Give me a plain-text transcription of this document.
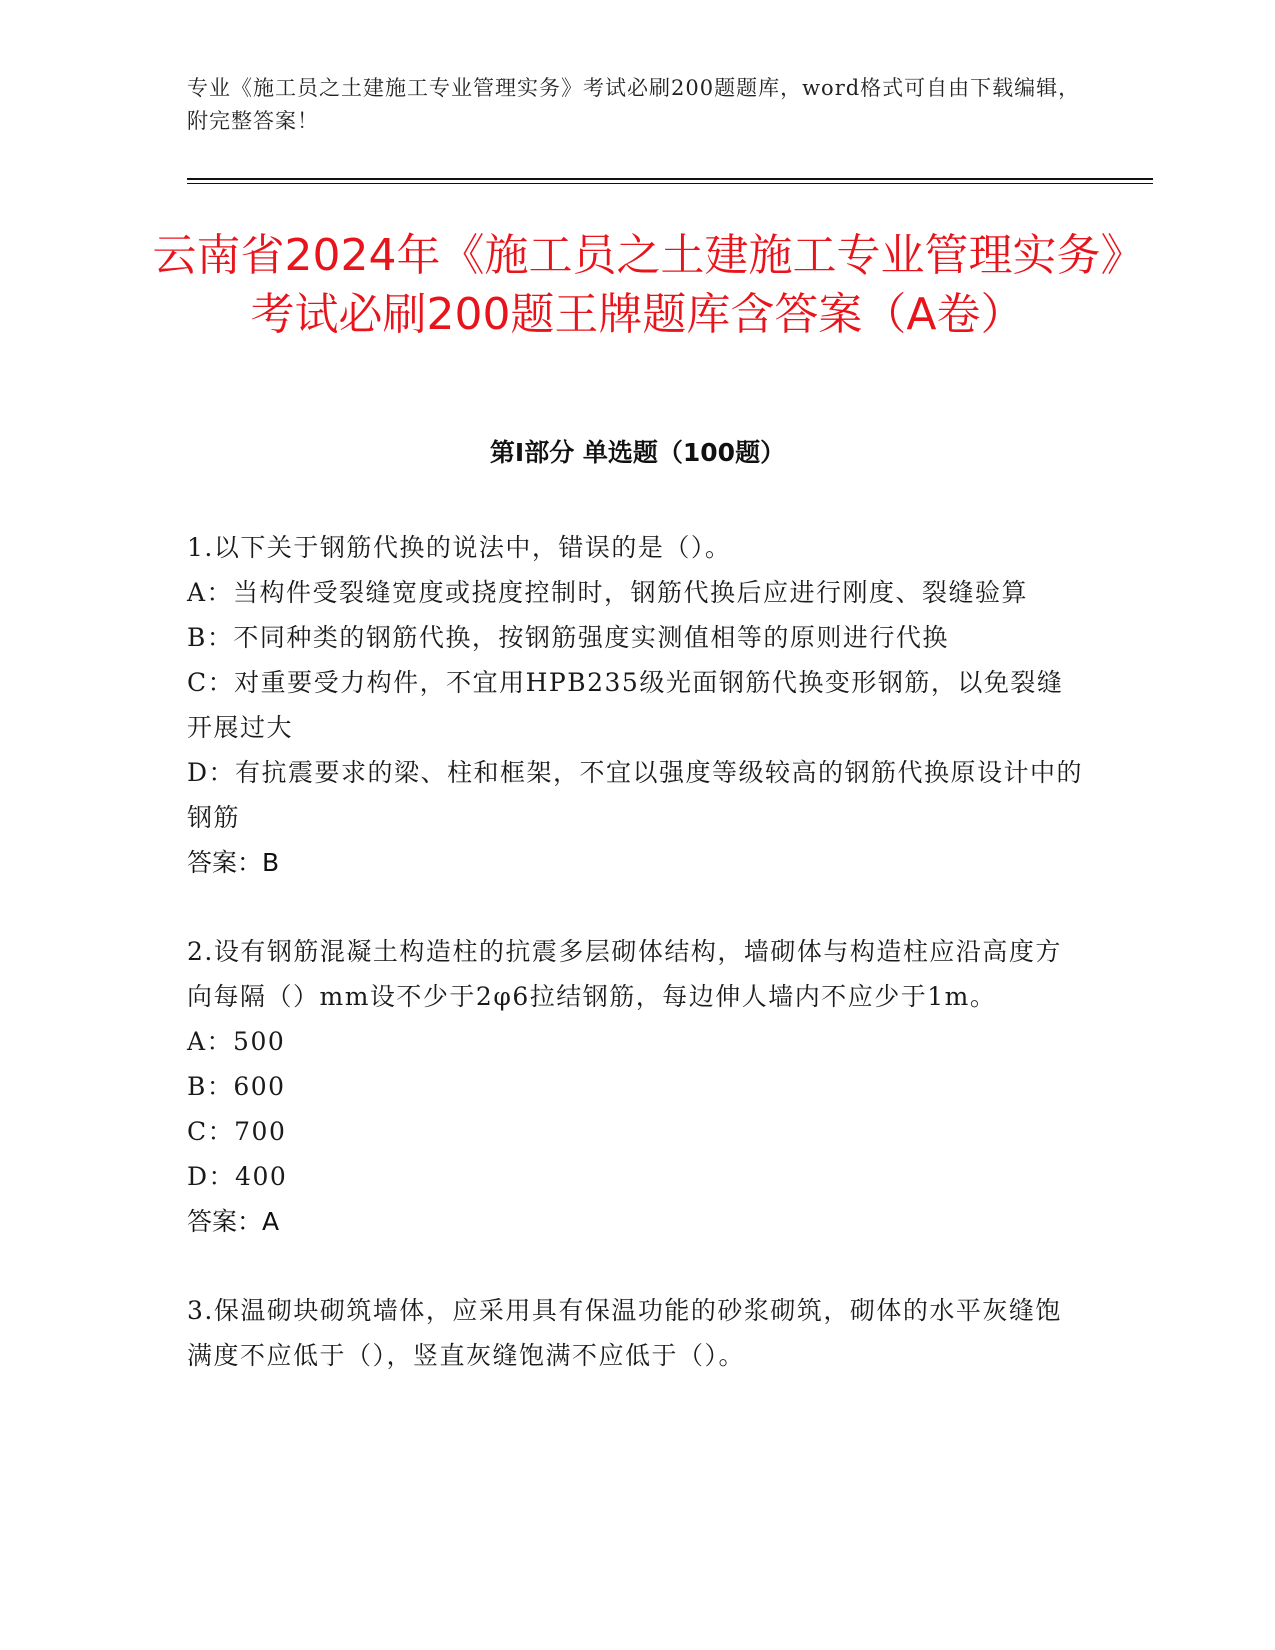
专业《施工员之土建施工专业管理实务》考试必刷200题题库，word格式可自由下载编辑，附完整答案！
云南省2024年《施工员之土建施工专业管理实务》考试必刷200题王牌题库含答案（A卷）
第Ⅰ部分 单选题（100题）

1.以下关于钢筋代换的说法中，错误的是（）。

A：当构件受裂缝宽度或挠度控制时，钢筋代换后应进行刚度、裂缝验算

B：不同种类的钢筋代换，按钢筋强度实测值相等的原则进行代换

C：对重要受力构件，不宜用HPB235级光面钢筋代换变形钢筋，以免裂缝开展过大

D：有抗震要求的梁、柱和框架，不宜以强度等级较高的钢筋代换原设计中的钢筋

答案：B

2.设有钢筋混凝土构造柱的抗震多层砌体结构，墙砌体与构造柱应沿高度方向每隔（）mm设不少于2φ6拉结钢筋，每边伸人墙内不应少于1m。

A：500

B：600

C：700

D：400

答案：A

3.保温砌块砌筑墙体，应采用具有保温功能的砂浆砌筑，砌体的水平灰缝饱满度不应低于（），竖直灰缝饱满不应低于（）。
